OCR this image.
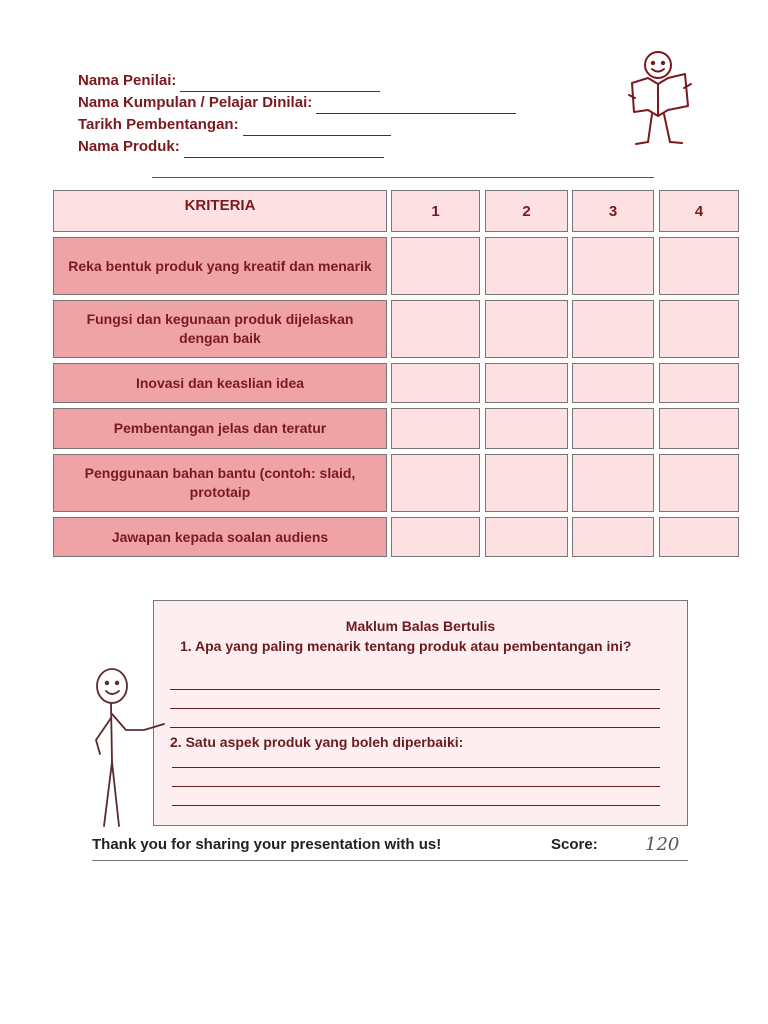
Nama Penilai:
Nama Kumpulan / Pelajar Dinilai:
Tarikh Pembentangan:
Nama Produk:
KRITERIA	1	2	3	4
Reka bentuk produk yang kreatif dan menarik
Fungsi dan kegunaan produk dijelaskan dengan baik
Inovasi dan keaslian idea
Pembentangan jelas dan teratur
Penggunaan bahan bantu (contoh: slaid, prototaip
Jawapan kepada soalan audiens
Maklum Balas Bertulis
1. Apa yang paling menarik tentang produk atau pembentangan ini?
2. Satu aspek produk yang boleh diperbaiki:
Thank you for sharing your presentation with us!	Score:	120
